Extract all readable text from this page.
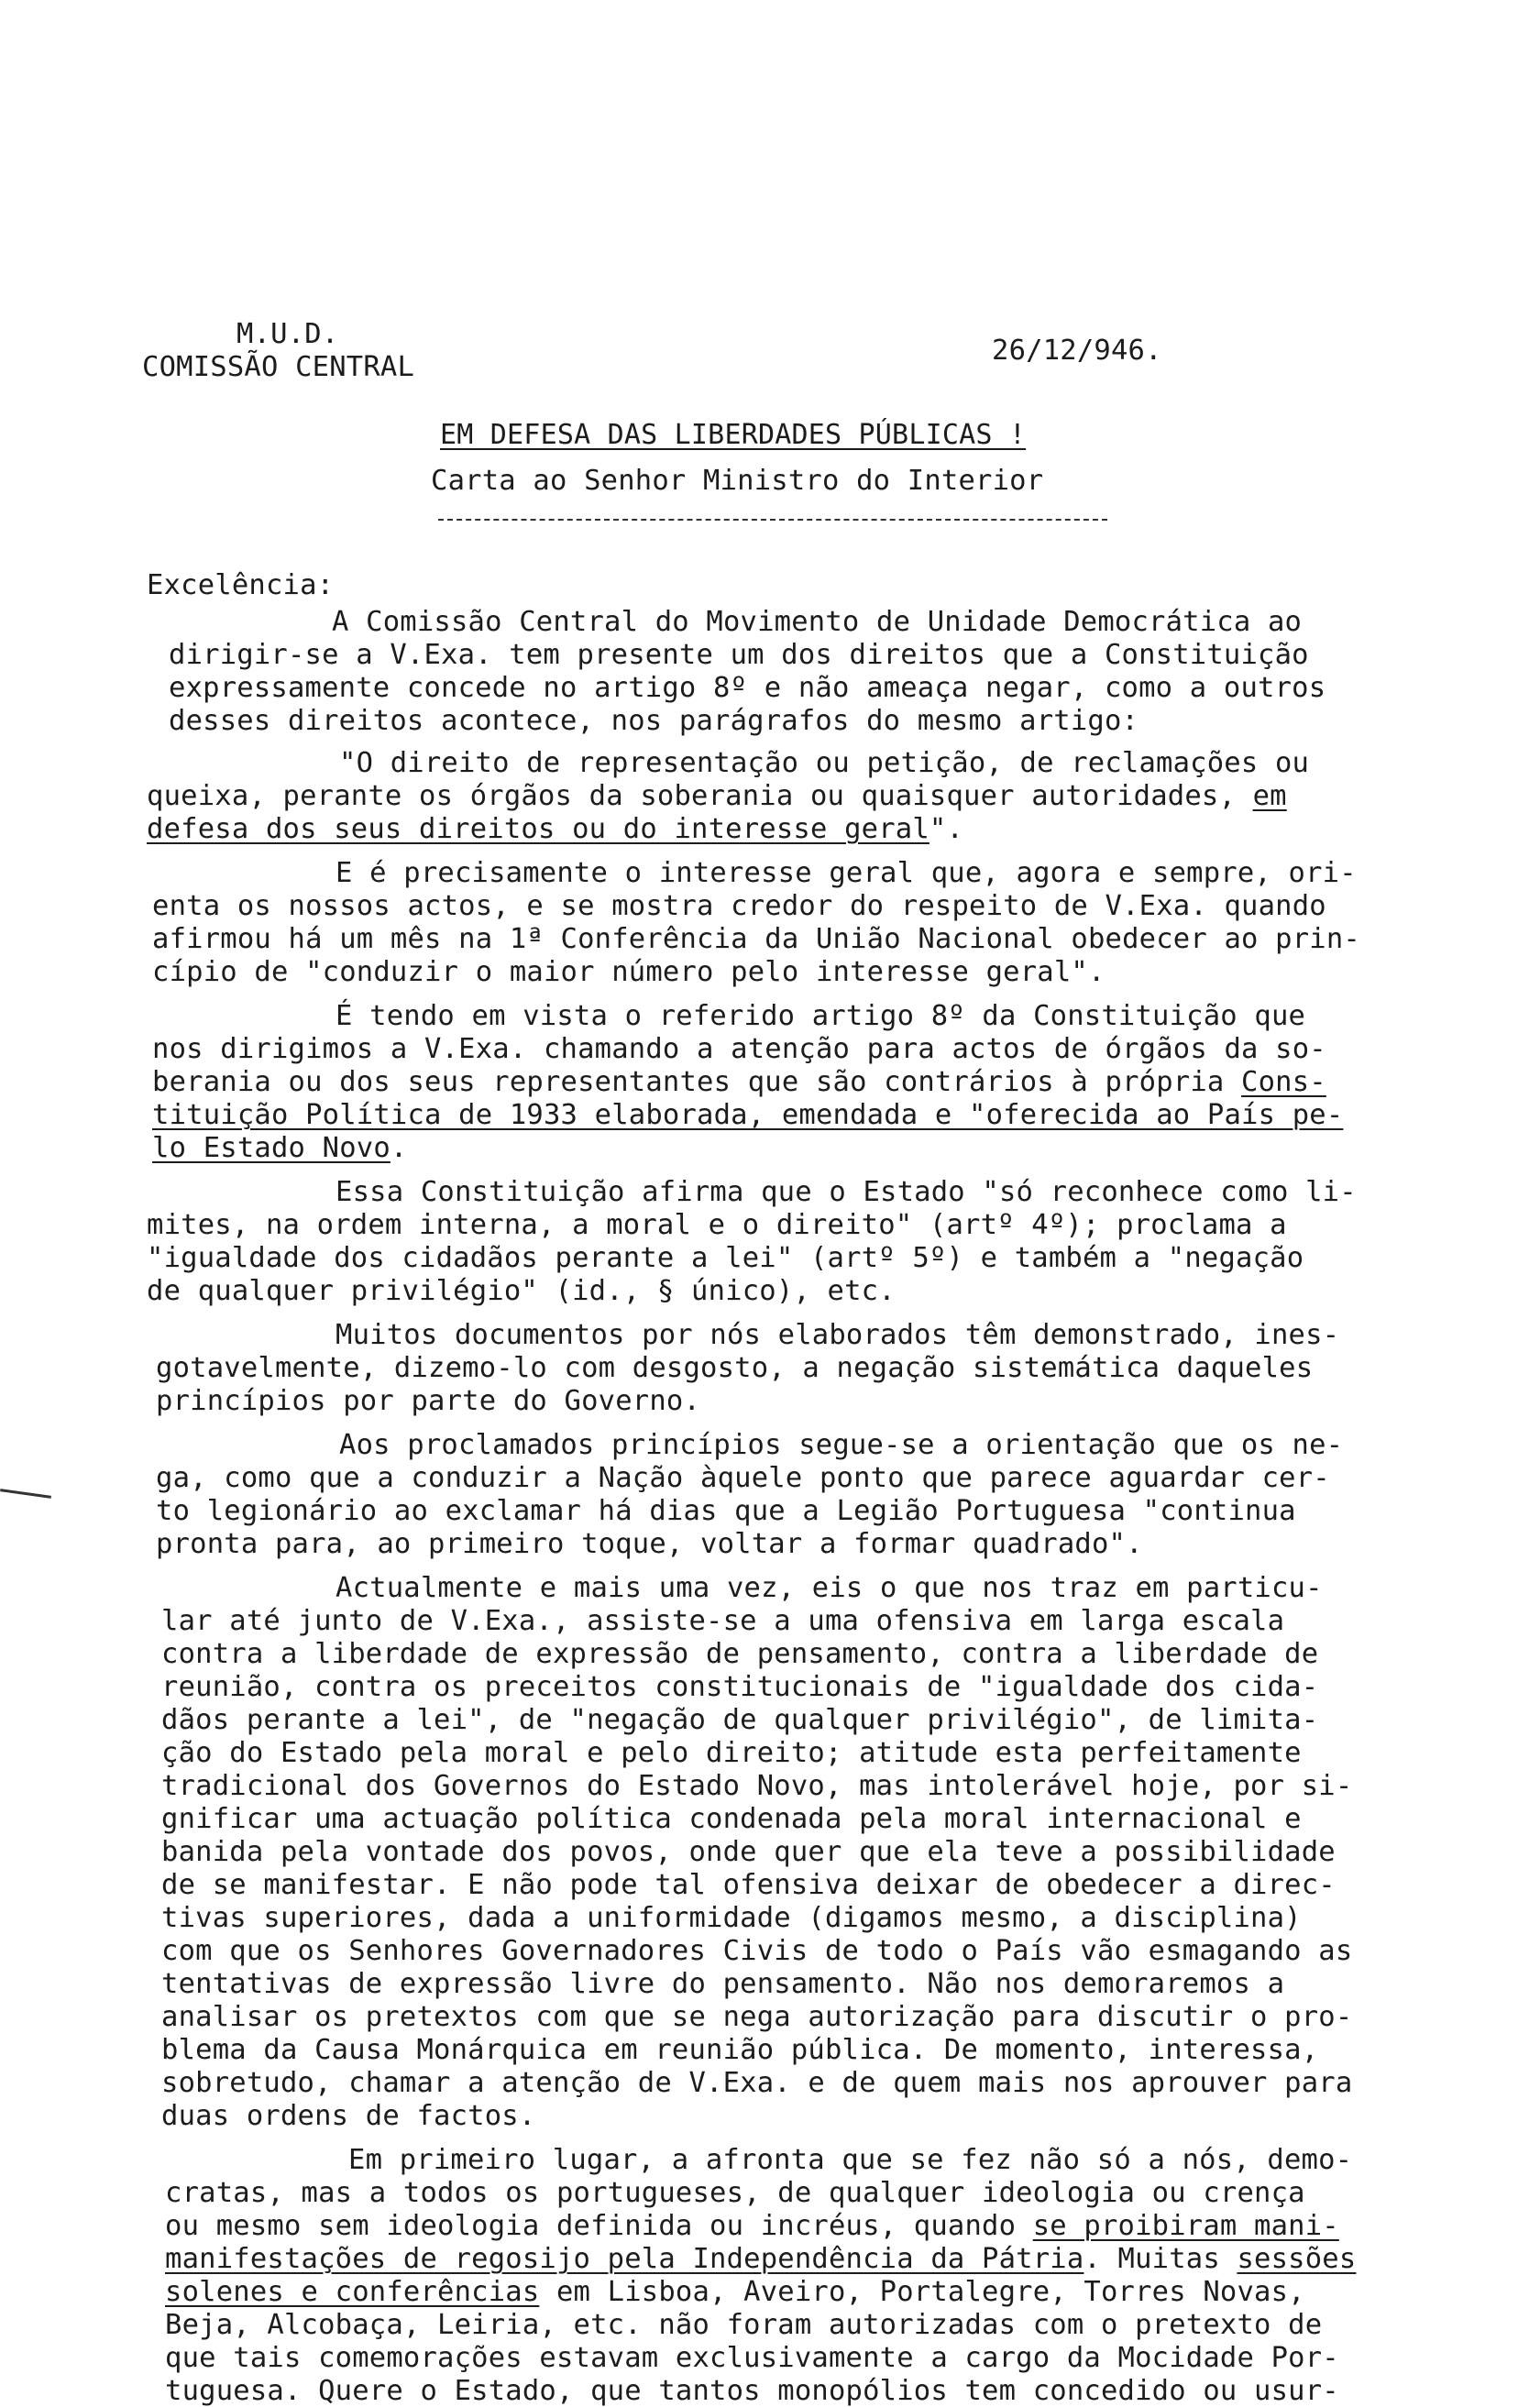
M.U.D.
COMISSÃO CENTRAL
26/12/946.
EM DEFESA DAS LIBERDADES PÚBLICAS !
Carta ao Senhor Ministro do Interior
Excelência:
A Comissão Central do Movimento de Unidade Democrática ao
dirigir-se a V.Exa. tem presente um dos direitos que a Constituição
expressamente concede no artigo 8º e não ameaça negar, como a outros
desses direitos acontece, nos parágrafos do mesmo artigo:
"O direito de representação ou petição, de reclamações ou
queixa, perante os órgãos da soberania ou quaisquer autoridades, em
defesa dos seus direitos ou do interesse geral".
E é precisamente o interesse geral que, agora e sempre, ori-
enta os nossos actos, e se mostra credor do respeito de V.Exa. quando
afirmou há um mês na 1ª Conferência da União Nacional obedecer ao prin-
cípio de "conduzir o maior número pelo interesse geral".
É tendo em vista o referido artigo 8º da Constituição que
nos dirigimos a V.Exa. chamando a atenção para actos de órgãos da so-
berania ou dos seus representantes que são contrários à própria Cons-
tituição Política de 1933 elaborada, emendada e "oferecida ao País pe-
lo Estado Novo.
Essa Constituição afirma que o Estado "só reconhece como li-
mites, na ordem interna, a moral e o direito" (artº 4º); proclama a
"igualdade dos cidadãos perante a lei" (artº 5º) e também a "negação
de qualquer privilégio" (id., § único), etc.
Muitos documentos por nós elaborados têm demonstrado, ines-
gotavelmente, dizemo-lo com desgosto, a negação sistemática daqueles
princípios por parte do Governo.
Aos proclamados princípios segue-se a orientação que os ne-
ga, como que a conduzir a Nação àquele ponto que parece aguardar cer-
to legionário ao exclamar há dias que a Legião Portuguesa "continua
pronta para, ao primeiro toque, voltar a formar quadrado".
Actualmente e mais uma vez, eis o que nos traz em particu-
lar até junto de V.Exa., assiste-se a uma ofensiva em larga escala
contra a liberdade de expressão de pensamento, contra a liberdade de
reunião, contra os preceitos constitucionais de "igualdade dos cida-
dãos perante a lei", de "negação de qualquer privilégio", de limita-
ção do Estado pela moral e pelo direito; atitude esta perfeitamente
tradicional dos Governos do Estado Novo, mas intolerável hoje, por si-
gnificar uma actuação política condenada pela moral internacional e
banida pela vontade dos povos, onde quer que ela teve a possibilidade
de se manifestar. E não pode tal ofensiva deixar de obedecer a direc-
tivas superiores, dada a uniformidade (digamos mesmo, a disciplina)
com que os Senhores Governadores Civis de todo o País vão esmagando as
tentativas de expressão livre do pensamento. Não nos demoraremos a
analisar os pretextos com que se nega autorização para discutir o pro-
blema da Causa Monárquica em reunião pública. De momento, interessa,
sobretudo, chamar a atenção de V.Exa. e de quem mais nos aprouver para
duas ordens de factos.
Em primeiro lugar, a afronta que se fez não só a nós, demo-
cratas, mas a todos os portugueses, de qualquer ideologia ou crença
ou mesmo sem ideologia definida ou incréus, quando se proibiram mani-
manifestações de regosijo pela Independência da Pátria. Muitas sessões
solenes e conferências em Lisboa, Aveiro, Portalegre, Torres Novas,
Beja, Alcobaça, Leiria, etc. não foram autorizadas com o pretexto de
que tais comemorações estavam exclusivamente a cargo da Mocidade Por-
tuguesa. Quere o Estado, que tantos monopólios tem concedido ou usur-
